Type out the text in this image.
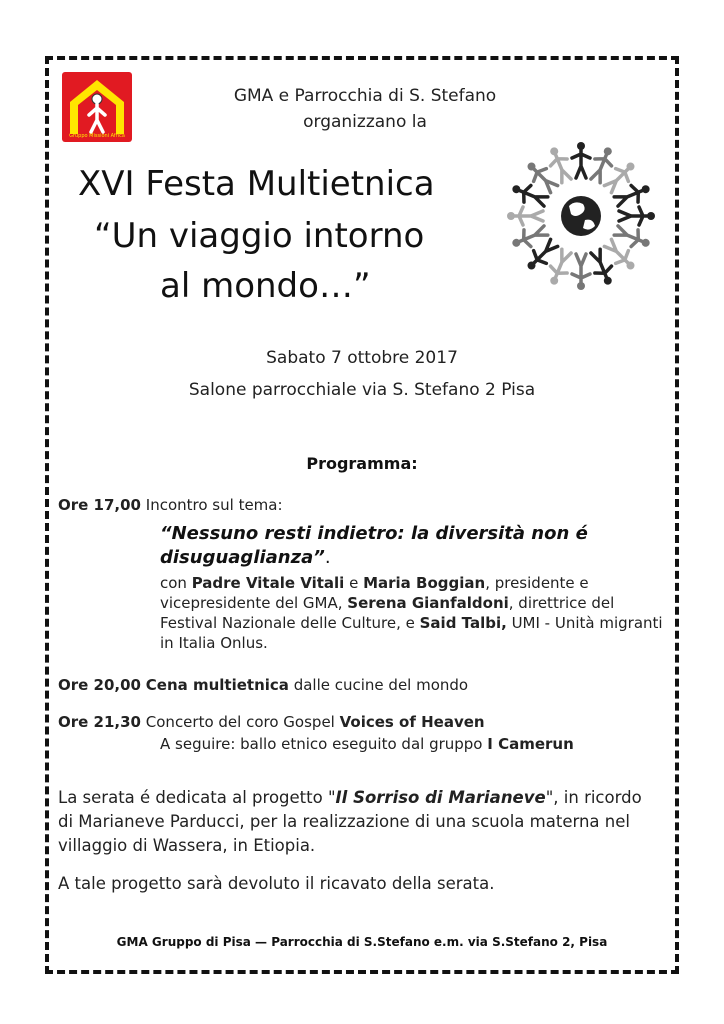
Gruppo Missioni Africa
GMA e Parrocchia di S. Stefano
organizzano la
XVI Festa Multietnica
“Un viaggio intorno
al mondo…”
Sabato 7 ottobre 2017
Salone parrocchiale via S. Stefano 2 Pisa
Programma:
Ore 17,00 Incontro sul tema:
“Nessuno resti indietro: la diversità non é disuguaglianza”.
con Padre Vitale Vitali e Maria Boggian, presidente e vicepresidente del GMA, Serena Gianfaldoni, direttrice del Festival Nazionale delle Culture, e Said Talbi, UMI - Unità migranti in Italia Onlus.
Ore 20,00 Cena multietnica dalle cucine del mondo
Ore 21,30 Concerto del coro Gospel Voices of Heaven
A seguire: ballo etnico eseguito dal gruppo I Camerun
La serata é dedicata al progetto "Il Sorriso di Marianeve", in ricordo di Marianeve Parducci, per la realizzazione di una scuola materna nel villaggio di Wassera, in Etiopia.
A tale progetto sarà devoluto il ricavato della serata.
GMA Gruppo di Pisa — Parrocchia di S.Stefano e.m. via S.Stefano 2, Pisa
